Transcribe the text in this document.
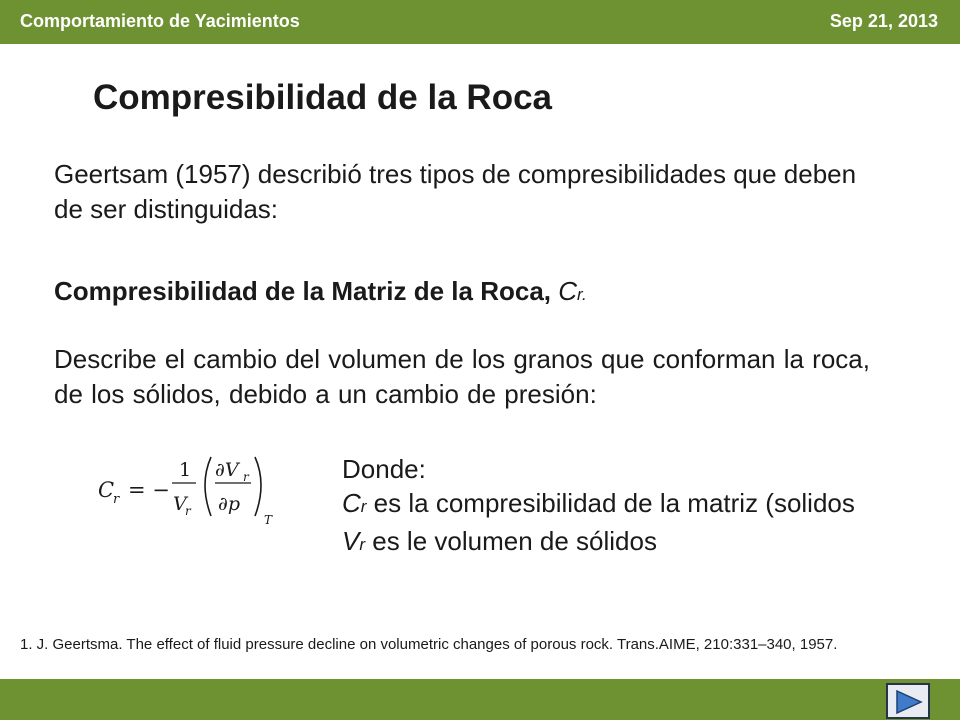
Comportamiento de Yacimientos	Sep 21, 2013
Compresibilidad de la Roca
Geertsam (1957) describió tres tipos de compresibilidades que deben de ser distinguidas:
Compresibilidad de la Matriz de la Roca, Cr.
Describe el cambio del volumen de los granos que conforman la roca, de los sólidos, debido a un cambio de presión:
C
r = −
1
V
r
∂V r
∂p
T
Donde:
Cr es la compresibilidad de la matriz (solidos
Vr es le volumen de sólidos
1. J. Geertsma. The effect of fluid pressure decline on volumetric changes of porous rock. Trans.AIME, 210:331–340, 1957.
